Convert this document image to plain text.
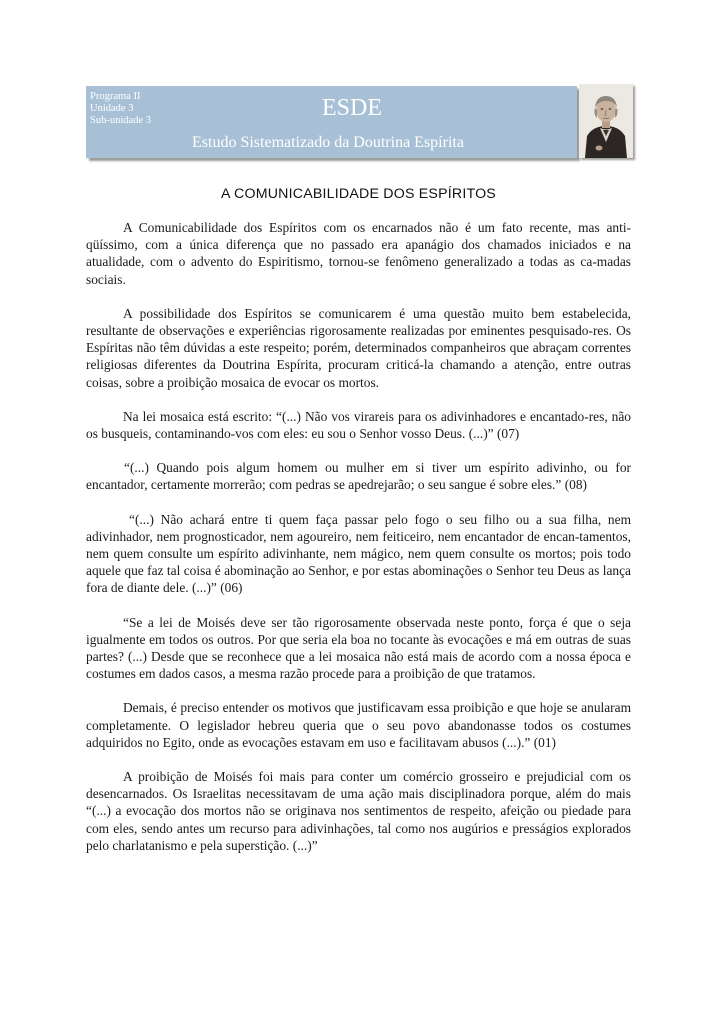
Programa II
Unidade 3
Sub-unidade 3	ESDE
Estudo Sistematizado da Doutrina Espírita
A COMUNICABILIDADE DOS ESPÍRITOS

A Comunicabilidade dos Espíritos com os encarnados não é um fato recente, mas anti-qüíssimo, com a única diferença que no passado era apanágio dos chamados iniciados e na atualidade, com o advento do Espiritismo, tornou-se fenômeno generalizado a todas as ca-madas sociais.

A possibilidade dos Espíritos se comunicarem é uma questão muito bem estabelecida, resultante de observações e experiências rigorosamente realizadas por eminentes pesquisado-res. Os Espíritas não têm dúvidas a este respeito; porém, determinados companheiros que abraçam correntes religiosas diferentes da Doutrina Espírita, procuram criticá-la chamando a atenção, entre outras coisas, sobre a proibição mosaica de evocar os mortos.

Na lei mosaica está escrito: “(...) Não vos virareis para os adivinhadores e encantado-res, não os busqueis, contaminando-vos com eles: eu sou o Senhor vosso Deus. (...)” (07)

“(...) Quando pois algum homem ou mulher em si tiver um espírito adivinho, ou for encantador, certamente morrerão; com pedras se apedrejarão; o seu sangue é sobre eles.” (08)

“(...) Não achará entre ti quem faça passar pelo fogo o seu filho ou a sua filha, nem adivinhador, nem prognosticador, nem agoureiro, nem feiticeiro, nem encantador de encan-tamentos, nem quem consulte um espírito adivinhante, nem mágico, nem quem consulte os mortos; pois todo aquele que faz tal coisa é abominação ao Senhor, e por estas abominações o Senhor teu Deus as lança fora de diante dele. (...)” (06)

“Se a lei de Moisés deve ser tão rigorosamente observada neste ponto, força é que o seja igualmente em todos os outros. Por que seria ela boa no tocante às evocações e má em outras de suas partes? (...) Desde que se reconhece que a lei mosaica não está mais de acordo com a nossa época e costumes em dados casos, a mesma razão procede para a proibição de que tratamos.

Demais, é preciso entender os motivos que justificavam essa proibição e que hoje se anularam completamente. O legislador hebreu queria que o seu povo abandonasse todos os costumes adquiridos no Egito, onde as evocações estavam em uso e facilitavam abusos (...).” (01)

A proibição de Moisés foi mais para conter um comércio grosseiro e prejudicial com os desencarnados. Os Israelitas necessitavam de uma ação mais disciplinadora porque, além do mais “(...) a evocação dos mortos não se originava nos sentimentos de respeito, afeição ou piedade para com eles, sendo antes um recurso para adivinhações, tal como nos augúrios e presságios explorados pelo charlatanismo e pela superstição. (...)”
